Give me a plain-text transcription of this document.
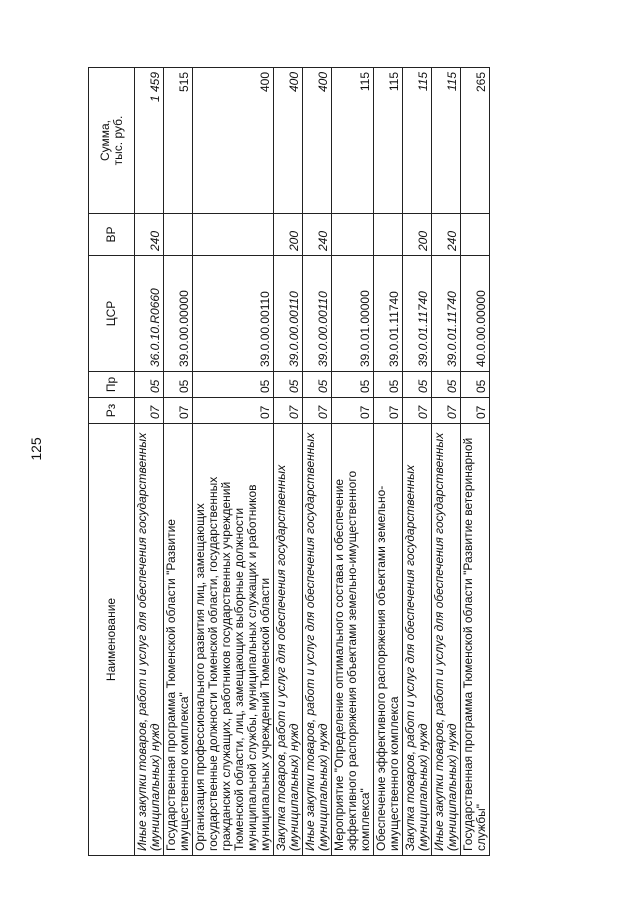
125
Наименование	Рз	Пр	ЦСР	ВР	Сумма,
тыс. руб.
Иные закупки товаров, работ и услуг для обеспечения государственных (муниципальных) нужд	07	05	36.0.10.R0660	240	1 459
Государственная программа Тюменской области "Развитие имущественного комплекса"	07	05	39.0.00.00000		515
Организация профессионального развития лиц, замещающих государственные должности Тюменской области, государственных гражданских служащих, работников государственных учреждений Тюменской области, лиц, замещающих выборные должности муниципальной службы, муниципальных служащих и работников муниципальных учреждений Тюменской области	07	05	39.0.00.00110		400
Закупка товаров, работ и услуг для обеспечения государственных (муниципальных) нужд	07	05	39.0.00.00110	200	400
Иные закупки товаров, работ и услуг для обеспечения государственных (муниципальных) нужд	07	05	39.0.00.00110	240	400
Мероприятие "Определение оптимального состава и обеспечение эффективного распоряжения объектами земельно-имущественного комплекса"	07	05	39.0.01.00000		115
Обеспечение эффективного распоряжения объектами земельно-имущественного комплекса	07	05	39.0.01.11740		115
Закупка товаров, работ и услуг для обеспечения государственных (муниципальных) нужд	07	05	39.0.01.11740	200	115
Иные закупки товаров, работ и услуг для обеспечения государственных (муниципальных) нужд	07	05	39.0.01.11740	240	115
Государственная программа Тюменской области "Развитие ветеринарной службы"	07	05	40.0.00.00000		265
